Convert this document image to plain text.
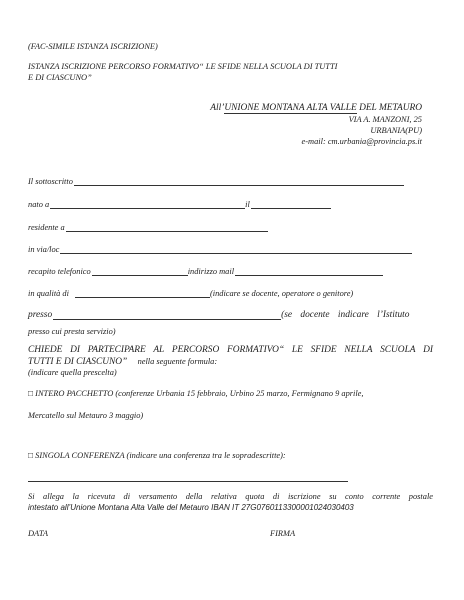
(FAC-SIMILE ISTANZA ISCRIZIONE)
ISTANZA ISCRIZIONE PERCORSO FORMATIVO“ LE SFIDE NELLA SCUOLA DI TUTTI
E DI CIASCUNO”
All’UNIONE MONTANA ALTA VALLE DEL METAURO
VIA A. MANZONI, 25
URBANIA(PU)
e-mail: cm.urbania@provincia.ps.it
Il sottoscritto
nato a	il
residente a
in via/loc
recapito telefonico	indirizzo mail
in qualità di	(indicare se docente, operatore o genitore)
presso	(se docente indicare l’Istituto
presso cui presta servizio)
CHIEDE DI PARTECIPARE AL PERCORSO FORMATIVO“ LE SFIDE NELLA SCUOLA DI
TUTTI E DI CIASCUNO” nella seguente formula:
(indicare quella prescelta)
□ INTERO PACCHETTO (conferenze Urbania 15 febbraio, Urbino 25 marzo, Fermignano 9 aprile,
Mercatello sul Metauro 3 maggio)
□ SINGOLA CONFERENZA (indicare una conferenza tra le sopradescritte):
Si allega la ricevuta di versamento della relativa quota di iscrizione su conto corrente postale
intestato all’Unione Montana Alta Valle del Metauro IBAN IT 27G0760113300001024030403
DATA	FIRMA
